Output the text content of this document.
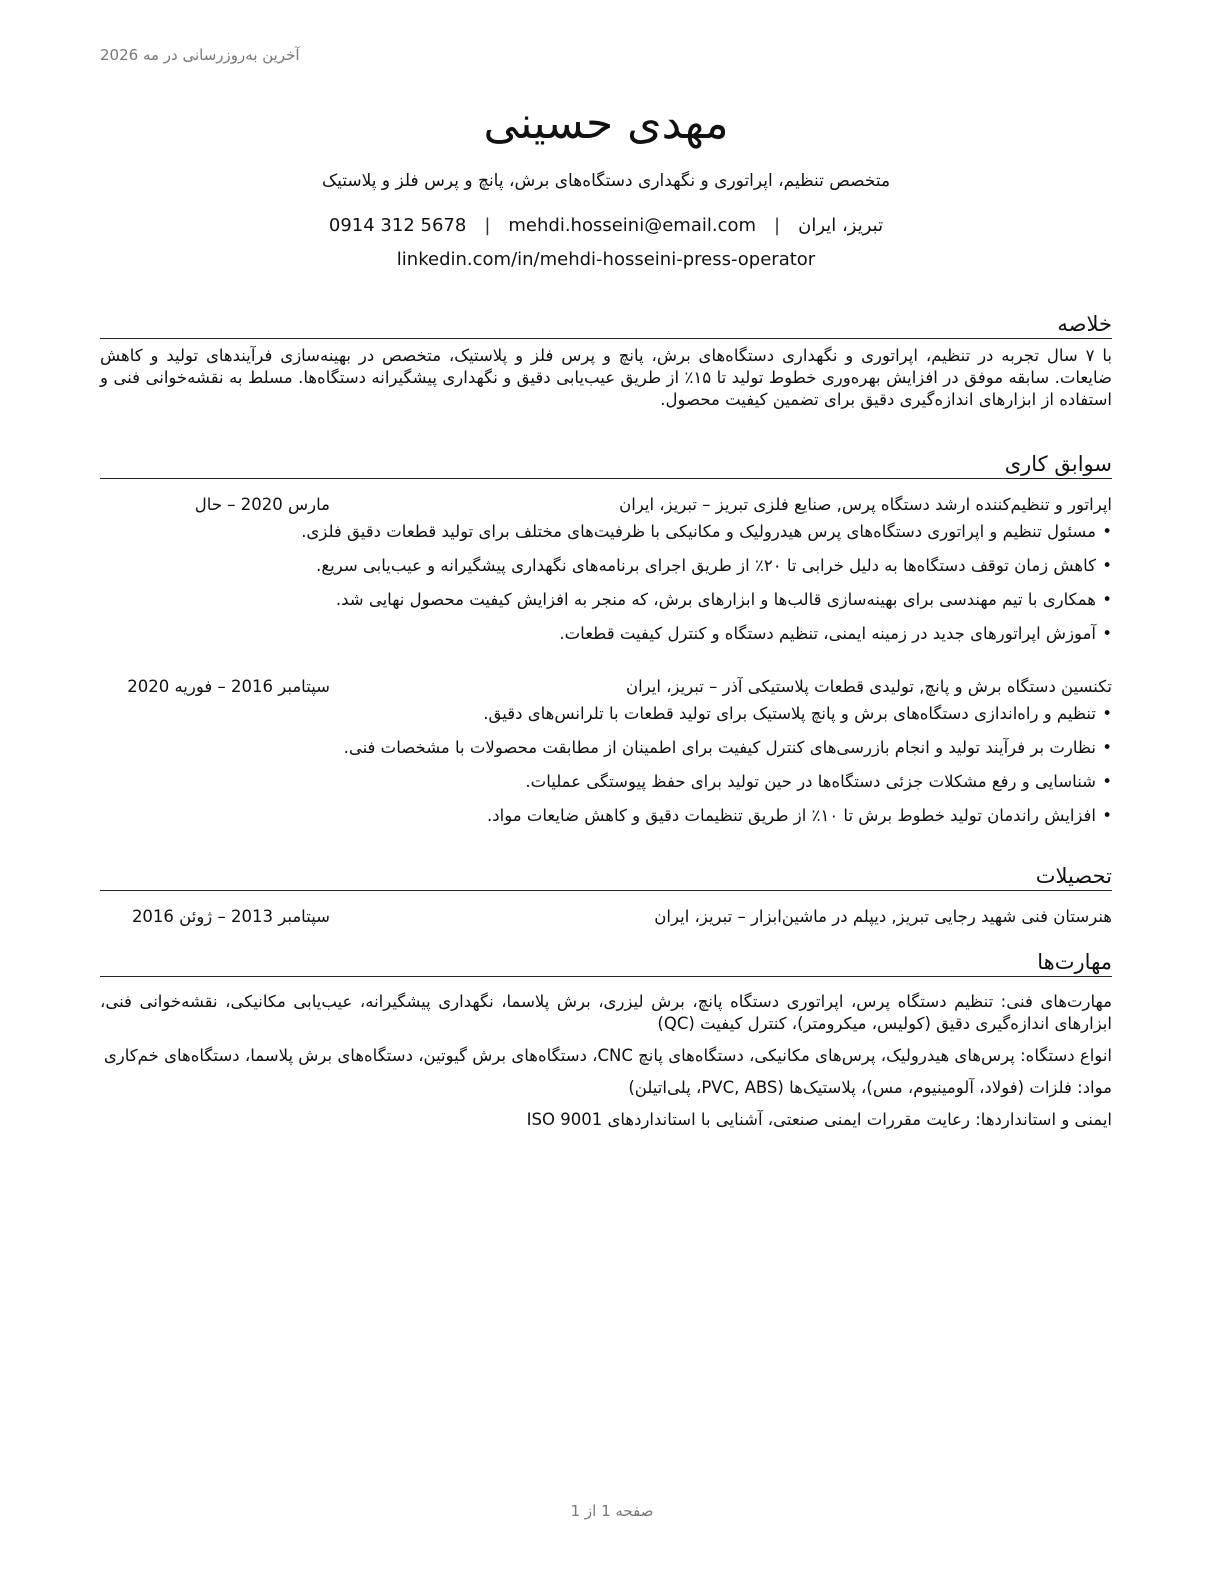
آخرین به‌روزرسانی در مه 2026
مهدی حسینی
متخصص تنظیم، اپراتوری و نگهداری دستگاه‌های برش، پانچ و پرس فلز و پلاستیک
تبریز، ایران
|
mehdi.hosseini@email.com
|
0914 312 5678
linkedin.com/in/mehdi-hosseini-press-operator
خلاصه

با ۷ سال تجربه در تنظیم، اپراتوری و نگهداری دستگاه‌های برش، پانچ و پرس فلز و پلاستیک، متخصص در بهینه‌سازی فرآیندهای تولید و کاهش ضایعات. سابقه موفق در افزایش بهره‌وری خطوط تولید تا ۱۵٪ از طریق عیب‌یابی دقیق و نگهداری پیشگیرانه دستگاه‌ها. مسلط به نقشه‌خوانی فنی و استفاده از ابزارهای اندازه‌گیری دقیق برای تضمین کیفیت محصول.

سوابق کاری
اپراتور و تنظیم‌کننده ارشد دستگاه پرس, صنایع فلزی تبریز – تبریز، ایران
مارس 2020 – حال
• مسئول تنظیم و اپراتوری دستگاه‌های پرس هیدرولیک و مکانیکی با ظرفیت‌های مختلف برای تولید قطعات دقیق فلزی.
• کاهش زمان توقف دستگاه‌ها به دلیل خرابی تا ۲۰٪ از طریق اجرای برنامه‌های نگهداری پیشگیرانه و عیب‌یابی سریع.
• همکاری با تیم مهندسی برای بهینه‌سازی قالب‌ها و ابزارهای برش، که منجر به افزایش کیفیت محصول نهایی شد.
• آموزش اپراتورهای جدید در زمینه ایمنی، تنظیم دستگاه و کنترل کیفیت قطعات.
تکنسین دستگاه برش و پانچ, تولیدی قطعات پلاستیکی آذر – تبریز، ایران
سپتامبر 2016 – فوریه 2020
• تنظیم و راه‌اندازی دستگاه‌های برش و پانچ پلاستیک برای تولید قطعات با تلرانس‌های دقیق.
• نظارت بر فرآیند تولید و انجام بازرسی‌های کنترل کیفیت برای اطمینان از مطابقت محصولات با مشخصات فنی.
• شناسایی و رفع مشکلات جزئی دستگاه‌ها در حین تولید برای حفظ پیوستگی عملیات.
• افزایش راندمان تولید خطوط برش تا ۱۰٪ از طریق تنظیمات دقیق و کاهش ضایعات مواد.
تحصیلات
هنرستان فنی شهید رجایی تبریز, دیپلم در ماشین‌ابزار – تبریز، ایران
سپتامبر 2013 – ژوئن 2016
مهارت‌ها

مهارت‌های فنی: تنظیم دستگاه پرس، اپراتوری دستگاه پانچ، برش لیزری، برش پلاسما، نگهداری پیشگیرانه، عیب‌یابی مکانیکی، نقشه‌خوانی فنی، ابزارهای اندازه‌گیری دقیق (کولیس، میکرومتر)، کنترل کیفیت (QC)

انواع دستگاه: پرس‌های هیدرولیک، پرس‌های مکانیکی، دستگاه‌های پانچ CNC، دستگاه‌های برش گیوتین، دستگاه‌های برش پلاسما، دستگاه‌های خم‌کاری

مواد: فلزات (فولاد، آلومینیوم، مس)، پلاستیک‌ها (PVC, ABS، پلی‌اتیلن)

ایمنی و استانداردها: رعایت مقررات ایمنی صنعتی، آشنایی با استانداردهای ISO 9001

صفحه 1 از 1
